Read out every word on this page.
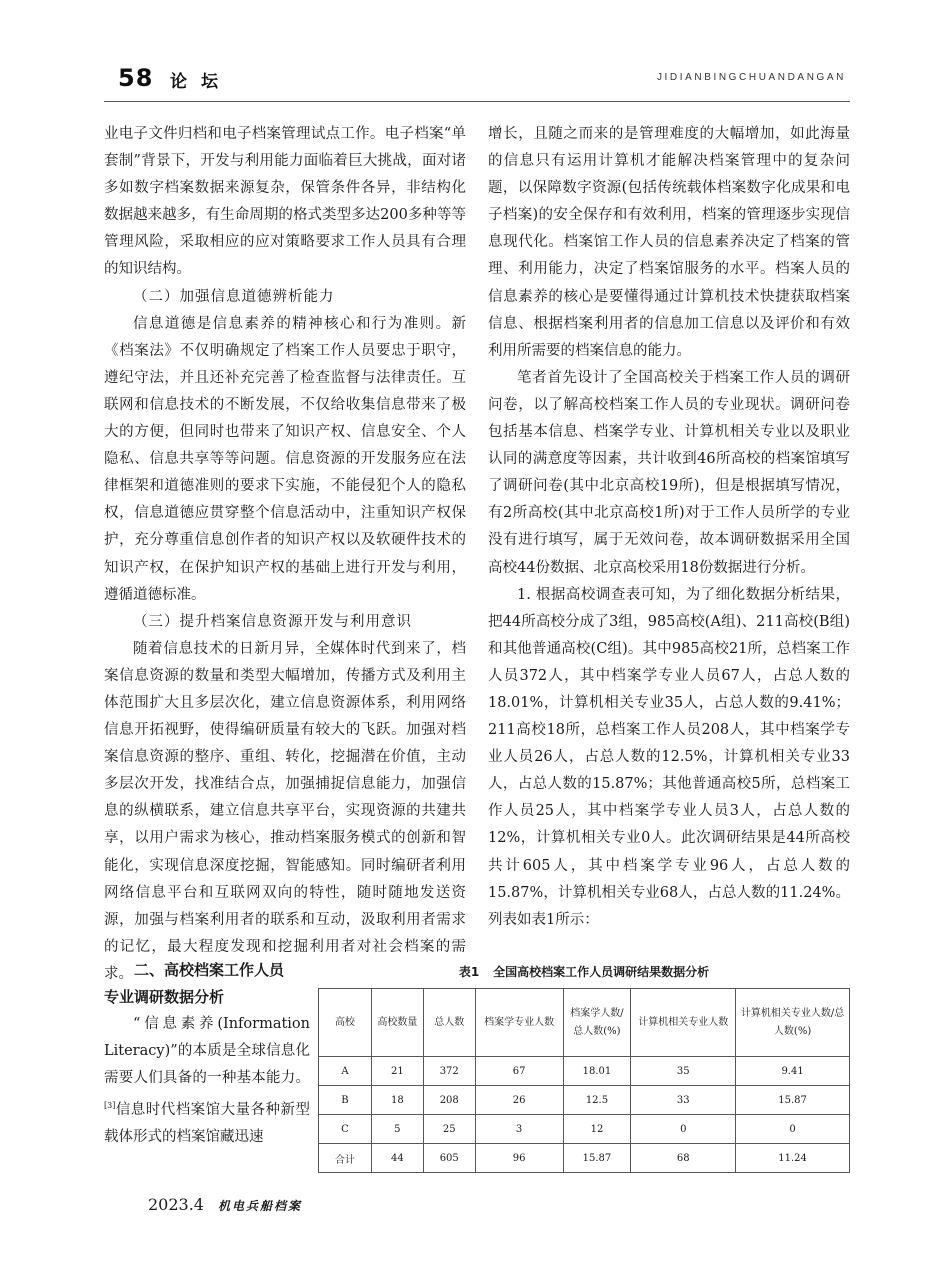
58 论坛	JIDIANBINGCHUANDANGAN

业电子文件归档和电子档案管理试点工作。电子档案“单套制”背景下，开发与利用能力面临着巨大挑战，面对诸多如数字档案数据来源复杂，保管条件各异，非结构化数据越来越多，有生命周期的格式类型多达200多种等等管理风险，采取相应的应对策略要求工作人员具有合理的知识结构。

（二）加强信息道德辨析能力

信息道德是信息素养的精神核心和行为准则。新《档案法》不仅明确规定了档案工作人员要忠于职守，遵纪守法，并且还补充完善了检查监督与法律责任。互联网和信息技术的不断发展，不仅给收集信息带来了极大的方便，但同时也带来了知识产权、信息安全、个人隐私、信息共享等等问题。信息资源的开发服务应在法律框架和道德准则的要求下实施，不能侵犯个人的隐私权，信息道德应贯穿整个信息活动中，注重知识产权保护，充分尊重信息创作者的知识产权以及软硬件技术的知识产权，在保护知识产权的基础上进行开发与利用，遵循道德标准。

（三）提升档案信息资源开发与利用意识

随着信息技术的日新月异，全媒体时代到来了，档案信息资源的数量和类型大幅增加，传播方式及利用主体范围扩大且多层次化，建立信息资源体系，利用网络信息开拓视野，使得编研质量有较大的飞跃。加强对档案信息资源的整序、重组、转化，挖掘潜在价值，主动多层次开发，找准结合点，加强捕捉信息能力，加强信息的纵横联系，建立信息共享平台，实现资源的共建共享，以用户需求为核心，推动档案服务模式的创新和智能化，实现信息深度挖掘，智能感知。同时编研者利用网络信息平台和互联网双向的特性，随时随地发送资源，加强与档案利用者的联系和互动，汲取利用者需求的记忆，最大程度发现和挖掘利用者对社会档案的需求。 二、高校档案工作人员
专业调研数据分析

“信息素养(Information Literacy)”的本质是全球信息化需要人们具备的一种基本能力。[3]信息时代档案馆大量各种新型载体形式的档案馆藏迅速

增长，且随之而来的是管理难度的大幅增加，如此海量的信息只有运用计算机才能解决档案管理中的复杂问题，以保障数字资源(包括传统载体档案数字化成果和电子档案)的安全保存和有效利用，档案的管理逐步实现信息现代化。档案馆工作人员的信息素养决定了档案的管理、利用能力，决定了档案馆服务的水平。档案人员的信息素养的核心是要懂得通过计算机技术快捷获取档案信息、根据档案利用者的信息加工信息以及评价和有效利用所需要的档案信息的能力。

笔者首先设计了全国高校关于档案工作人员的调研问卷，以了解高校档案工作人员的专业现状。调研问卷包括基本信息、档案学专业、计算机相关专业以及职业认同的满意度等因素，共计收到46所高校的档案馆填写了调研问卷(其中北京高校19所)，但是根据填写情况，有2所高校(其中北京高校1所)对于工作人员所学的专业没有进行填写，属于无效问卷，故本调研数据采用全国高校44份数据、北京高校采用18份数据进行分析。

1. 根据高校调查表可知，为了细化数据分析结果，把44所高校分成了3组，985高校(A组)、211高校(B组)和其他普通高校(C组)。其中985高校21所，总档案工作人员372人，其中档案学专业人员67人，占总人数的18.01%，计算机相关专业35人，占总人数的9.41%；211高校18所，总档案工作人员208人，其中档案学专业人员26人，占总人数的12.5%，计算机相关专业33人，占总人数的15.87%；其他普通高校5所，总档案工作人员25人，其中档案学专业人员3人，占总人数的12%，计算机相关专业0人。此次调研结果是44所高校共计605人，其中档案学专业96人，占总人数的15.87%，计算机相关专业68人，占总人数的11.24%。列表如表1所示：

表1 全国高校档案工作人员调研结果数据分析
高校	高校数量	总人数	档案学专业人数	档案学人数/总人数(%)	计算机相关专业人数	计算机相关专业人数/总人数(%)
A	21	372	67	18.01	35	9.41
B	18	208	26	12.5	33	15.87
C	5	25	3	12	0	0
合计	44	605	96	15.87	68	11.24
2023.4 机电兵船档案
